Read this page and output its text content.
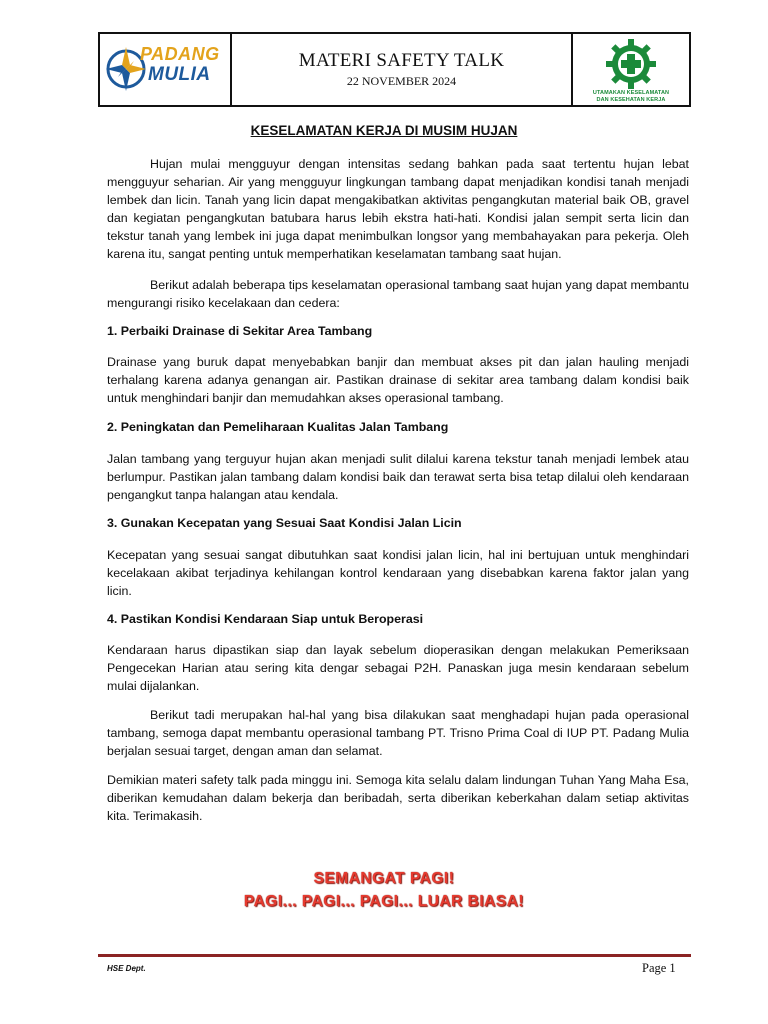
PADANG
MULIA
MATERI SAFETY TALK
22 NOVEMBER 2024
UTAMAKAN KESELAMATAN
DAN KESEHATAN KERJA
KESELAMATAN KERJA DI MUSIM HUJAN

Hujan mulai mengguyur dengan intensitas sedang bahkan pada saat tertentu hujan lebat mengguyur seharian. Air yang mengguyur lingkungan tambang dapat menjadikan kondisi tanah menjadi lembek dan licin. Tanah yang licin dapat mengakibatkan aktivitas pengangkutan material baik OB, gravel dan kegiatan pengangkutan batubara harus lebih ekstra hati-hati. Kondisi jalan sempit serta licin dan tekstur tanah yang lembek ini juga dapat menimbulkan longsor yang membahayakan para pekerja. Oleh karena itu, sangat penting untuk memperhatikan keselamatan tambang saat hujan.

Berikut adalah beberapa tips keselamatan operasional tambang saat hujan yang dapat membantu mengurangi risiko kecelakaan dan cedera:

1. Perbaiki Drainase di Sekitar Area Tambang

Drainase yang buruk dapat menyebabkan banjir dan membuat akses pit dan jalan hauling menjadi terhalang karena adanya genangan air. Pastikan drainase di sekitar area tambang dalam kondisi baik untuk menghindari banjir dan memudahkan akses operasional tambang.

2. Peningkatan dan Pemeliharaan Kualitas Jalan Tambang

Jalan tambang yang terguyur hujan akan menjadi sulit dilalui karena tekstur tanah menjadi lembek atau berlumpur. Pastikan jalan tambang dalam kondisi baik dan terawat serta bisa tetap dilalui oleh kendaraan pengangkut tanpa halangan atau kendala.

3. Gunakan Kecepatan yang Sesuai Saat Kondisi Jalan Licin

Kecepatan yang sesuai sangat dibutuhkan saat kondisi jalan licin, hal ini bertujuan untuk menghindari kecelakaan akibat terjadinya kehilangan kontrol kendaraan yang disebabkan karena faktor jalan yang licin.

4. Pastikan Kondisi Kendaraan Siap untuk Beroperasi

Kendaraan harus dipastikan siap dan layak sebelum dioperasikan dengan melakukan Pemeriksaan Pengecekan Harian atau sering kita dengar sebagai P2H. Panaskan juga mesin kendaraan sebelum mulai dijalankan.

Berikut tadi merupakan hal-hal yang bisa dilakukan saat menghadapi hujan pada operasional tambang, semoga dapat membantu operasional tambang PT. Trisno Prima Coal di IUP PT. Padang Mulia berjalan sesuai target, dengan aman dan selamat.

Demikian materi safety talk pada minggu ini. Semoga kita selalu dalam lindungan Tuhan Yang Maha Esa, diberikan kemudahan dalam bekerja dan beribadah, serta diberikan keberkahan dalam setiap aktivitas kita. Terimakasih.

SEMANGAT PAGI!
PAGI... PAGI... PAGI... LUAR BIASA!
HSE Dept.	Page 1
